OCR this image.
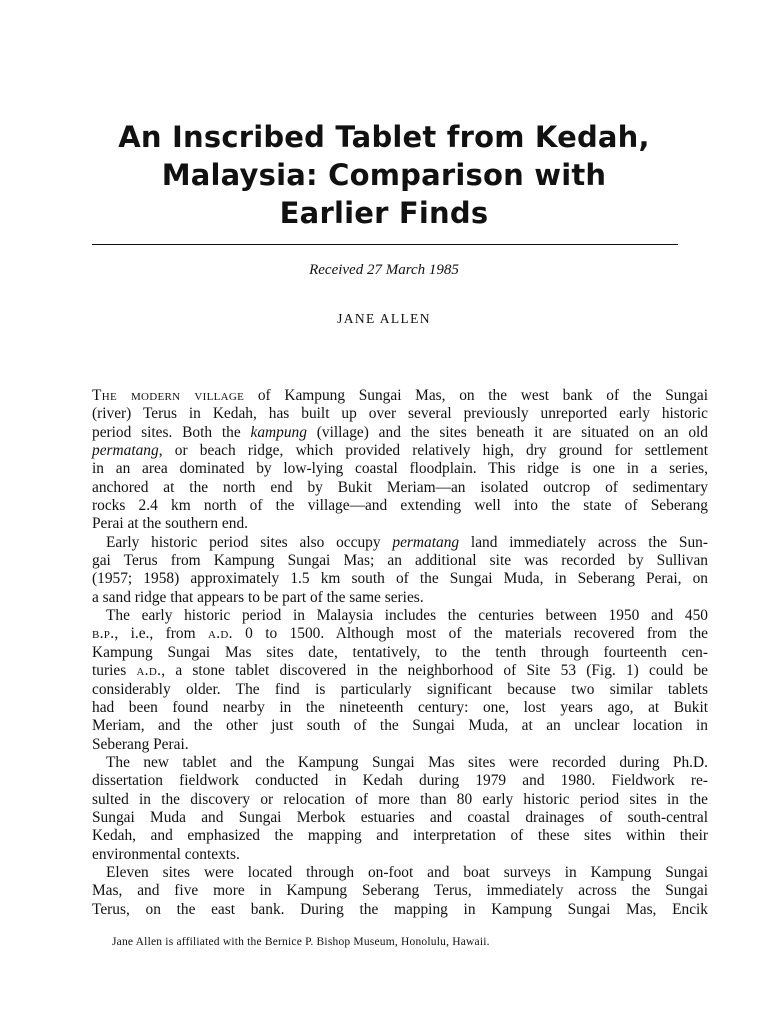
An Inscribed Tablet from Kedah,
Malaysia: Comparison with
Earlier Finds
Received 27 March 1985
JANE ALLEN

The modern village of Kampung Sungai Mas, on the west bank of the Sungai

(river) Terus in Kedah, has built up over several previously unreported early historic

period sites. Both the kampung (village) and the sites beneath it are situated on an old

permatang, or beach ridge, which provided relatively high, dry ground for settlement

in an area dominated by low-lying coastal floodplain. This ridge is one in a series,

anchored at the north end by Bukit Meriam—an isolated outcrop of sedimentary

rocks 2.4 km north of the village—and extending well into the state of Seberang

Perai at the southern end.

Early historic period sites also occupy permatang land immediately across the Sun-

gai Terus from Kampung Sungai Mas; an additional site was recorded by Sullivan

(1957; 1958) approximately 1.5 km south of the Sungai Muda, in Seberang Perai, on

a sand ridge that appears to be part of the same series.

The early historic period in Malaysia includes the centuries between 1950 and 450

b.p., i.e., from a.d. 0 to 1500. Although most of the materials recovered from the

Kampung Sungai Mas sites date, tentatively, to the tenth through fourteenth cen-

turies a.d., a stone tablet discovered in the neighborhood of Site 53 (Fig. 1) could be

considerably older. The find is particularly significant because two similar tablets

had been found nearby in the nineteenth century: one, lost years ago, at Bukit

Meriam, and the other just south of the Sungai Muda, at an unclear location in

Seberang Perai.

The new tablet and the Kampung Sungai Mas sites were recorded during Ph.D.

dissertation fieldwork conducted in Kedah during 1979 and 1980. Fieldwork re-

sulted in the discovery or relocation of more than 80 early historic period sites in the

Sungai Muda and Sungai Merbok estuaries and coastal drainages of south-central

Kedah, and emphasized the mapping and interpretation of these sites within their

environmental contexts.

Eleven sites were located through on-foot and boat surveys in Kampung Sungai

Mas, and five more in Kampung Seberang Terus, immediately across the Sungai

Terus, on the east bank. During the mapping in Kampung Sungai Mas, Encik

Jane Allen is affiliated with the Bernice P. Bishop Museum, Honolulu, Hawaii.
